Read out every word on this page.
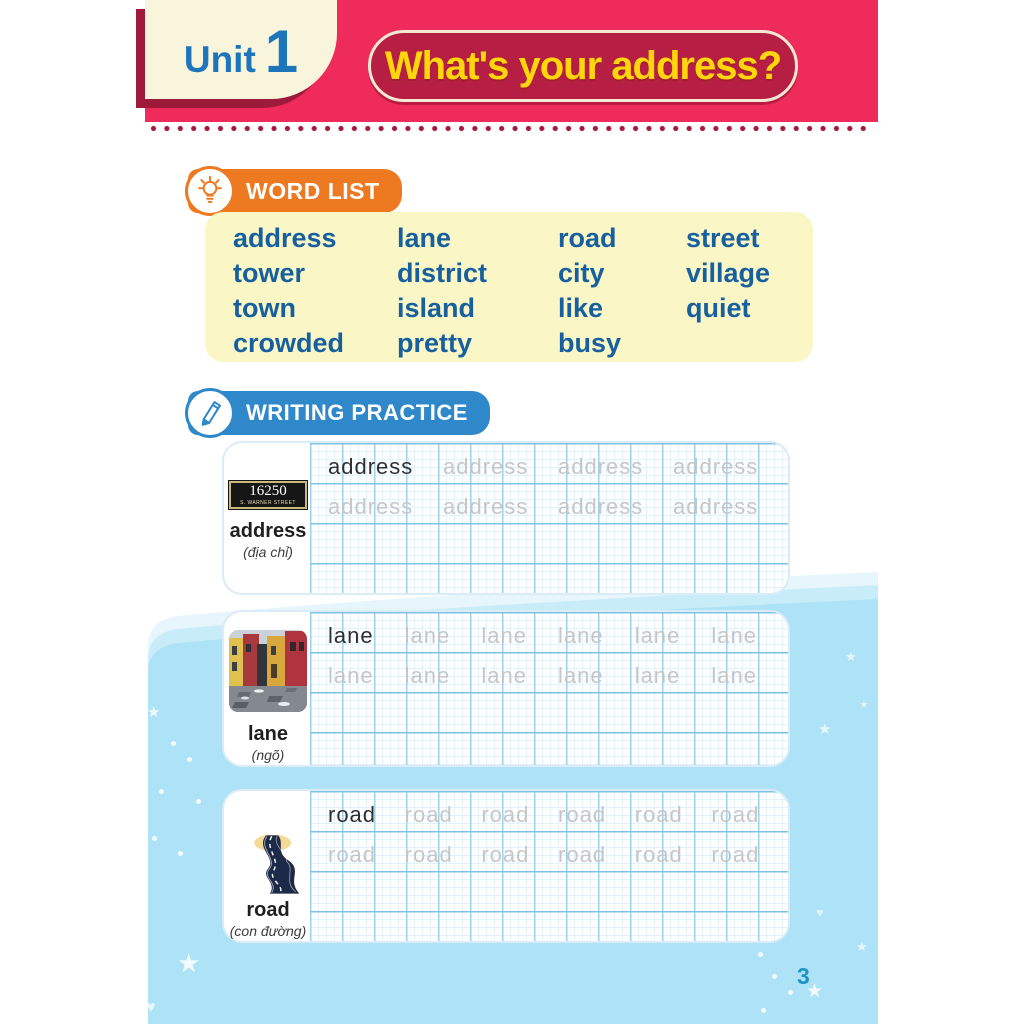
★
★
★
★
★
★
★
♥
♥
Unit 1 What's your address?
WORD LIST
address	lane	road	street
tower	district	city	village
town	island	like	quiet
crowded	pretty	busy
WRITING PRACTICE
address	address	address	address
address	address	address	address
16250
S. WARNER STREET
address
(địa chỉ)
lane	lane	lane	lane	lane	lane
lane	lane	lane	lane	lane	lane
lane
(ngõ)
road	road	road	road	road	road
road	road	road	road	road	road
road
(con đường)
3
